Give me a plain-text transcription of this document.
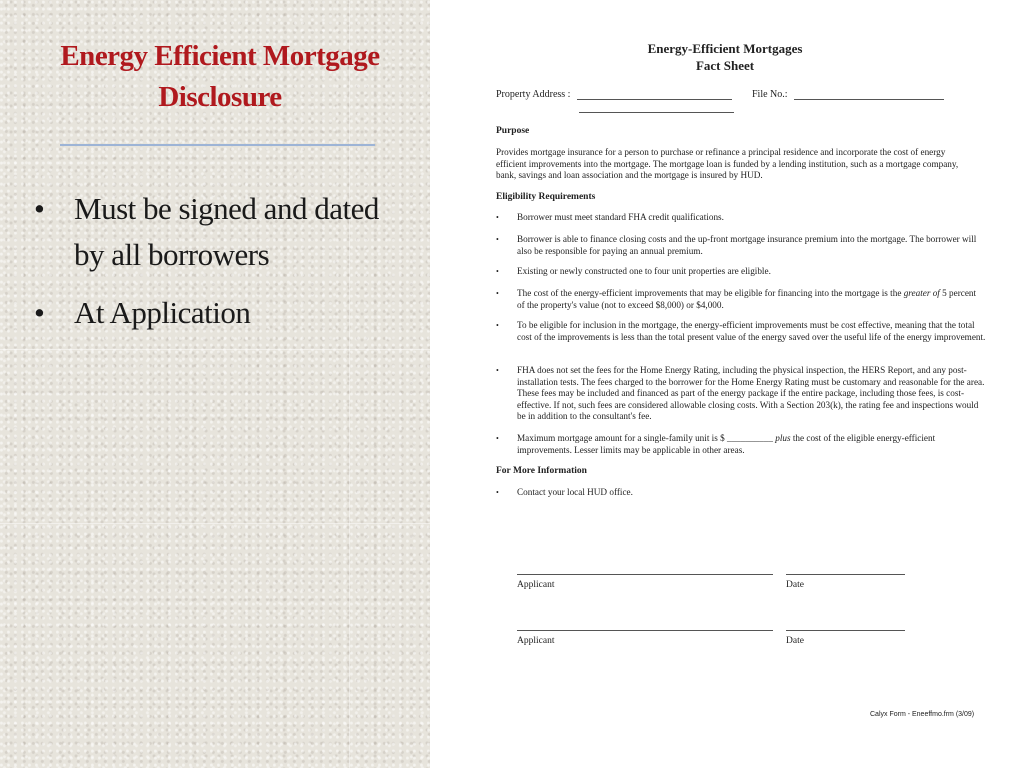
Energy Efficient Mortgage Disclosure
• Must be signed and dated by all borrowers
• At Application
Energy-Efficient Mortgages
Fact Sheet
Property Address :	File No.:
Purpose
Provides mortgage insurance for a person to purchase or refinance a principal residence and incorporate the cost of energy efficient improvements into the mortgage. The mortgage loan is funded by a lending institution, such as a mortgage company, bank, savings and loan association and the mortgage is insured by HUD.
Eligibility Requirements
• Borrower must meet standard FHA credit qualifications.
• Borrower is able to finance closing costs and the up-front mortgage insurance premium into the mortgage. The borrower will also be responsible for paying an annual premium.
• Existing or newly constructed one to four unit properties are eligible.
• The cost of the energy-efficient improvements that may be eligible for financing into the mortgage is the greater of 5 percent of the property's value (not to exceed $8,000) or $4,000.
• To be eligible for inclusion in the mortgage, the energy-efficient improvements must be cost effective, meaning that the total cost of the improvements is less than the total present value of the energy saved over the useful life of the energy improvement.
• FHA does not set the fees for the Home Energy Rating, including the physical inspection, the HERS Report, and any post-installation tests. The fees charged to the borrower for the Home Energy Rating must be customary and reasonable for the area. These fees may be included and financed as part of the energy package if the entire package, including those fees, is cost-effective. If not, such fees are considered allowable closing costs. With a Section 203(k), the rating fee and inspections would be in addition to the consultant's fee.
• Maximum mortgage amount for a single-family unit is $ __________ plus the cost of the eligible energy-efficient improvements. Lesser limits may be applicable in other areas.
For More Information
• Contact your local HUD office.
Applicant	Date
Applicant	Date
Calyx Form - Eneeffmo.frm (3/09)
